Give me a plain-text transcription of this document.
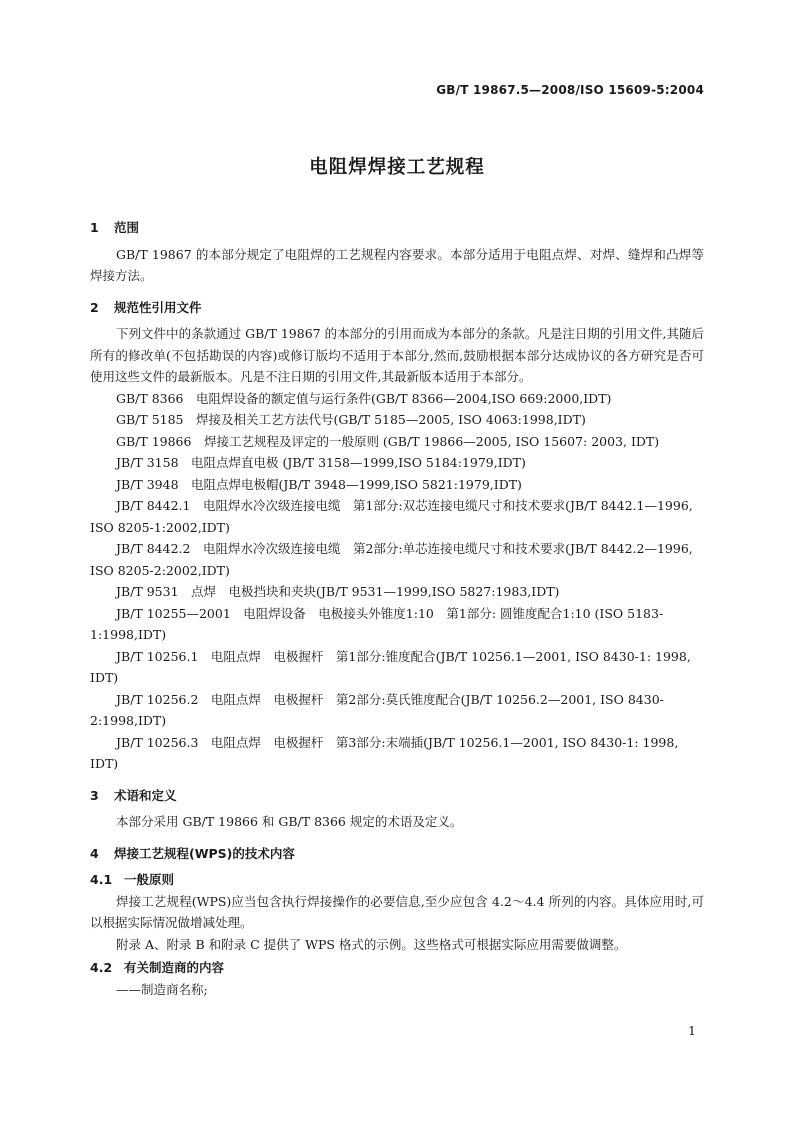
GB/T 19867.5—2008/ISO 15609-5:2004
电阻焊焊接工艺规程
1 范围

GB/T 19867 的本部分规定了电阻焊的工艺规程内容要求。本部分适用于电阻点焊、对焊、缝焊和凸焊等焊接方法。

2 规范性引用文件

下列文件中的条款通过 GB/T 19867 的本部分的引用而成为本部分的条款。凡是注日期的引用文件,其随后所有的修改单(不包括勘误的内容)或修订版均不适用于本部分,然而,鼓励根据本部分达成协议的各方研究是否可使用这些文件的最新版本。凡是不注日期的引用文件,其最新版本适用于本部分。

GB/T 8366　电阻焊设备的额定值与运行条件(GB/T 8366—2004,ISO 669:2000,IDT)

GB/T 5185　焊接及相关工艺方法代号(GB/T 5185—2005, ISO 4063:1998,IDT)

GB/T 19866　焊接工艺规程及评定的一般原则 (GB/T 19866—2005, ISO 15607: 2003, IDT)

JB/T 3158　电阻点焊直电极 (JB/T 3158—1999,ISO 5184:1979,IDT)

JB/T 3948　电阻点焊电极帽(JB/T 3948—1999,ISO 5821:1979,IDT)

JB/T 8442.1　电阻焊水冷次级连接电缆　第1部分:双芯连接电缆尺寸和技术要求(JB/T 8442.1—1996, ISO 8205-1:2002,IDT)

JB/T 8442.2　电阻焊水冷次级连接电缆　第2部分:单芯连接电缆尺寸和技术要求(JB/T 8442.2—1996, ISO 8205-2:2002,IDT)

JB/T 9531　点焊　电极挡块和夹块(JB/T 9531—1999,ISO 5827:1983,IDT)

JB/T 10255—2001　电阻焊设备　电极接头外锥度1:10　第1部分: 圆锥度配合1:10 (ISO 5183-1:1998,IDT)

JB/T 10256.1　电阻点焊　电极握杆　第1部分:锥度配合(JB/T 10256.1—2001, ISO 8430-1: 1998, IDT)

JB/T 10256.2　电阻点焊　电极握杆　第2部分:莫氏锥度配合(JB/T 10256.2—2001, ISO 8430-2:1998,IDT)

JB/T 10256.3　电阻点焊　电极握杆　第3部分:末端插(JB/T 10256.1—2001, ISO 8430-1: 1998, IDT)

3 术语和定义

本部分采用 GB/T 19866 和 GB/T 8366 规定的术语及定义。

4 焊接工艺规程(WPS)的技术内容
4.1 一般原则

焊接工艺规程(WPS)应当包含执行焊接操作的必要信息,至少应包含 4.2～4.4 所列的内容。具体应用时,可以根据实际情况做增减处理。

附录 A、附录 B 和附录 C 提供了 WPS 格式的示例。这些格式可根据实际应用需要做调整。

4.2 有关制造商的内容

——制造商名称;

1
